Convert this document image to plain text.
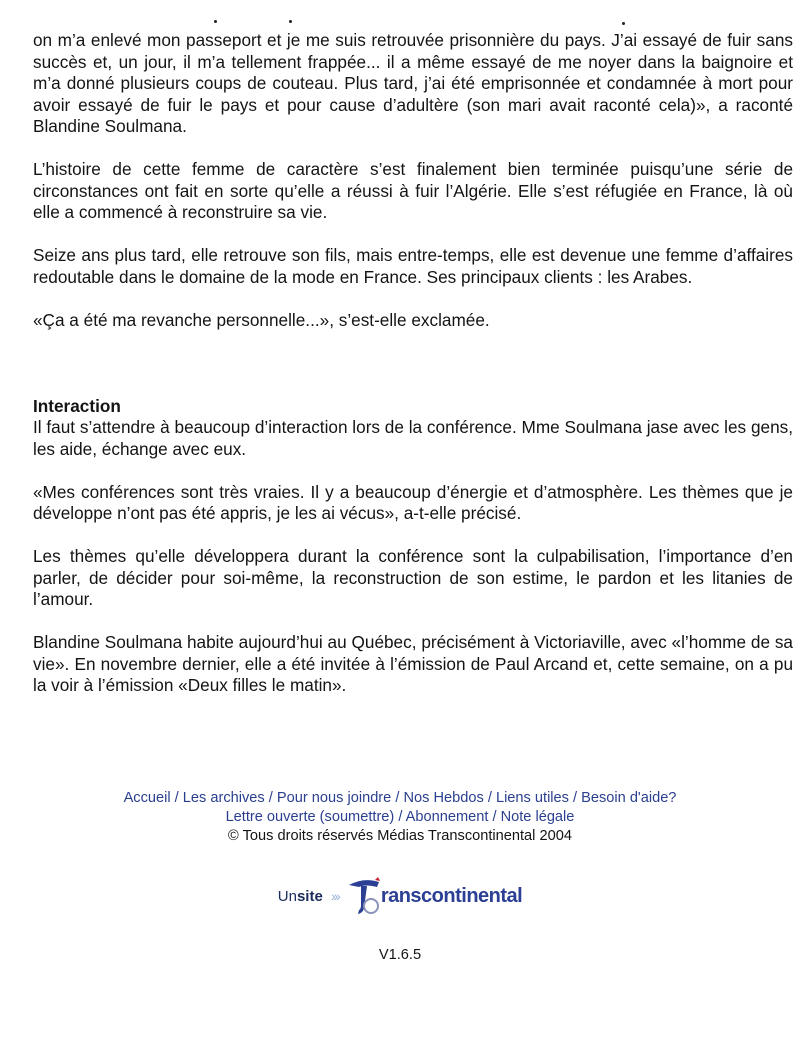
on m’a enlevé mon passeport et je me suis retrouvée prisonnière du pays. J’ai essayé de fuir sans succès et, un jour, il m’a tellement frappée... il a même essayé de me noyer dans la baignoire et m’a donné plusieurs coups de couteau. Plus tard, j’ai été emprisonnée et condamnée à mort pour avoir essayé de fuir le pays et pour cause d’adultère (son mari avait raconté cela)», a raconté Blandine Soulmana.

L’histoire de cette femme de caractère s’est finalement bien terminée puisqu’une série de circonstances ont fait en sorte qu’elle a réussi à fuir l’Algérie. Elle s’est réfugiée en France, là où elle a commencé à reconstruire sa vie.

Seize ans plus tard, elle retrouve son fils, mais entre-temps, elle est devenue une femme d’affaires redoutable dans le domaine de la mode en France. Ses principaux clients : les Arabes.

«Ça a été ma revanche personnelle...», s’est-elle exclamée.

Interaction

Il faut s’attendre à beaucoup d’interaction lors de la conférence. Mme Soulmana jase avec les gens, les aide, échange avec eux.

«Mes conférences sont très vraies. Il y a beaucoup d’énergie et d’atmosphère. Les thèmes que je développe n’ont pas été appris, je les ai vécus», a-t-elle précisé.

Les thèmes qu’elle développera durant la conférence sont la culpabilisation, l’importance d’en parler, de décider pour soi-même, la reconstruction de son estime, le pardon et les litanies de l’amour.

Blandine Soulmana habite aujourd’hui au Québec, précisément à Victoriaville, avec «l’homme de sa vie». En novembre dernier, elle a été invitée à l’émission de Paul Arcand et, cette semaine, on a pu la voir à l’émission «Deux filles le matin».

Accueil / Les archives / Pour nous joindre / Nos Hebdos / Liens utiles / Besoin d'aide?
Lettre ouverte (soumettre) / Abonnement / Note légale
© Tous droits réservés Médias Transcontinental 2004
Unsite ››› ranscontinental
V1.6.5
